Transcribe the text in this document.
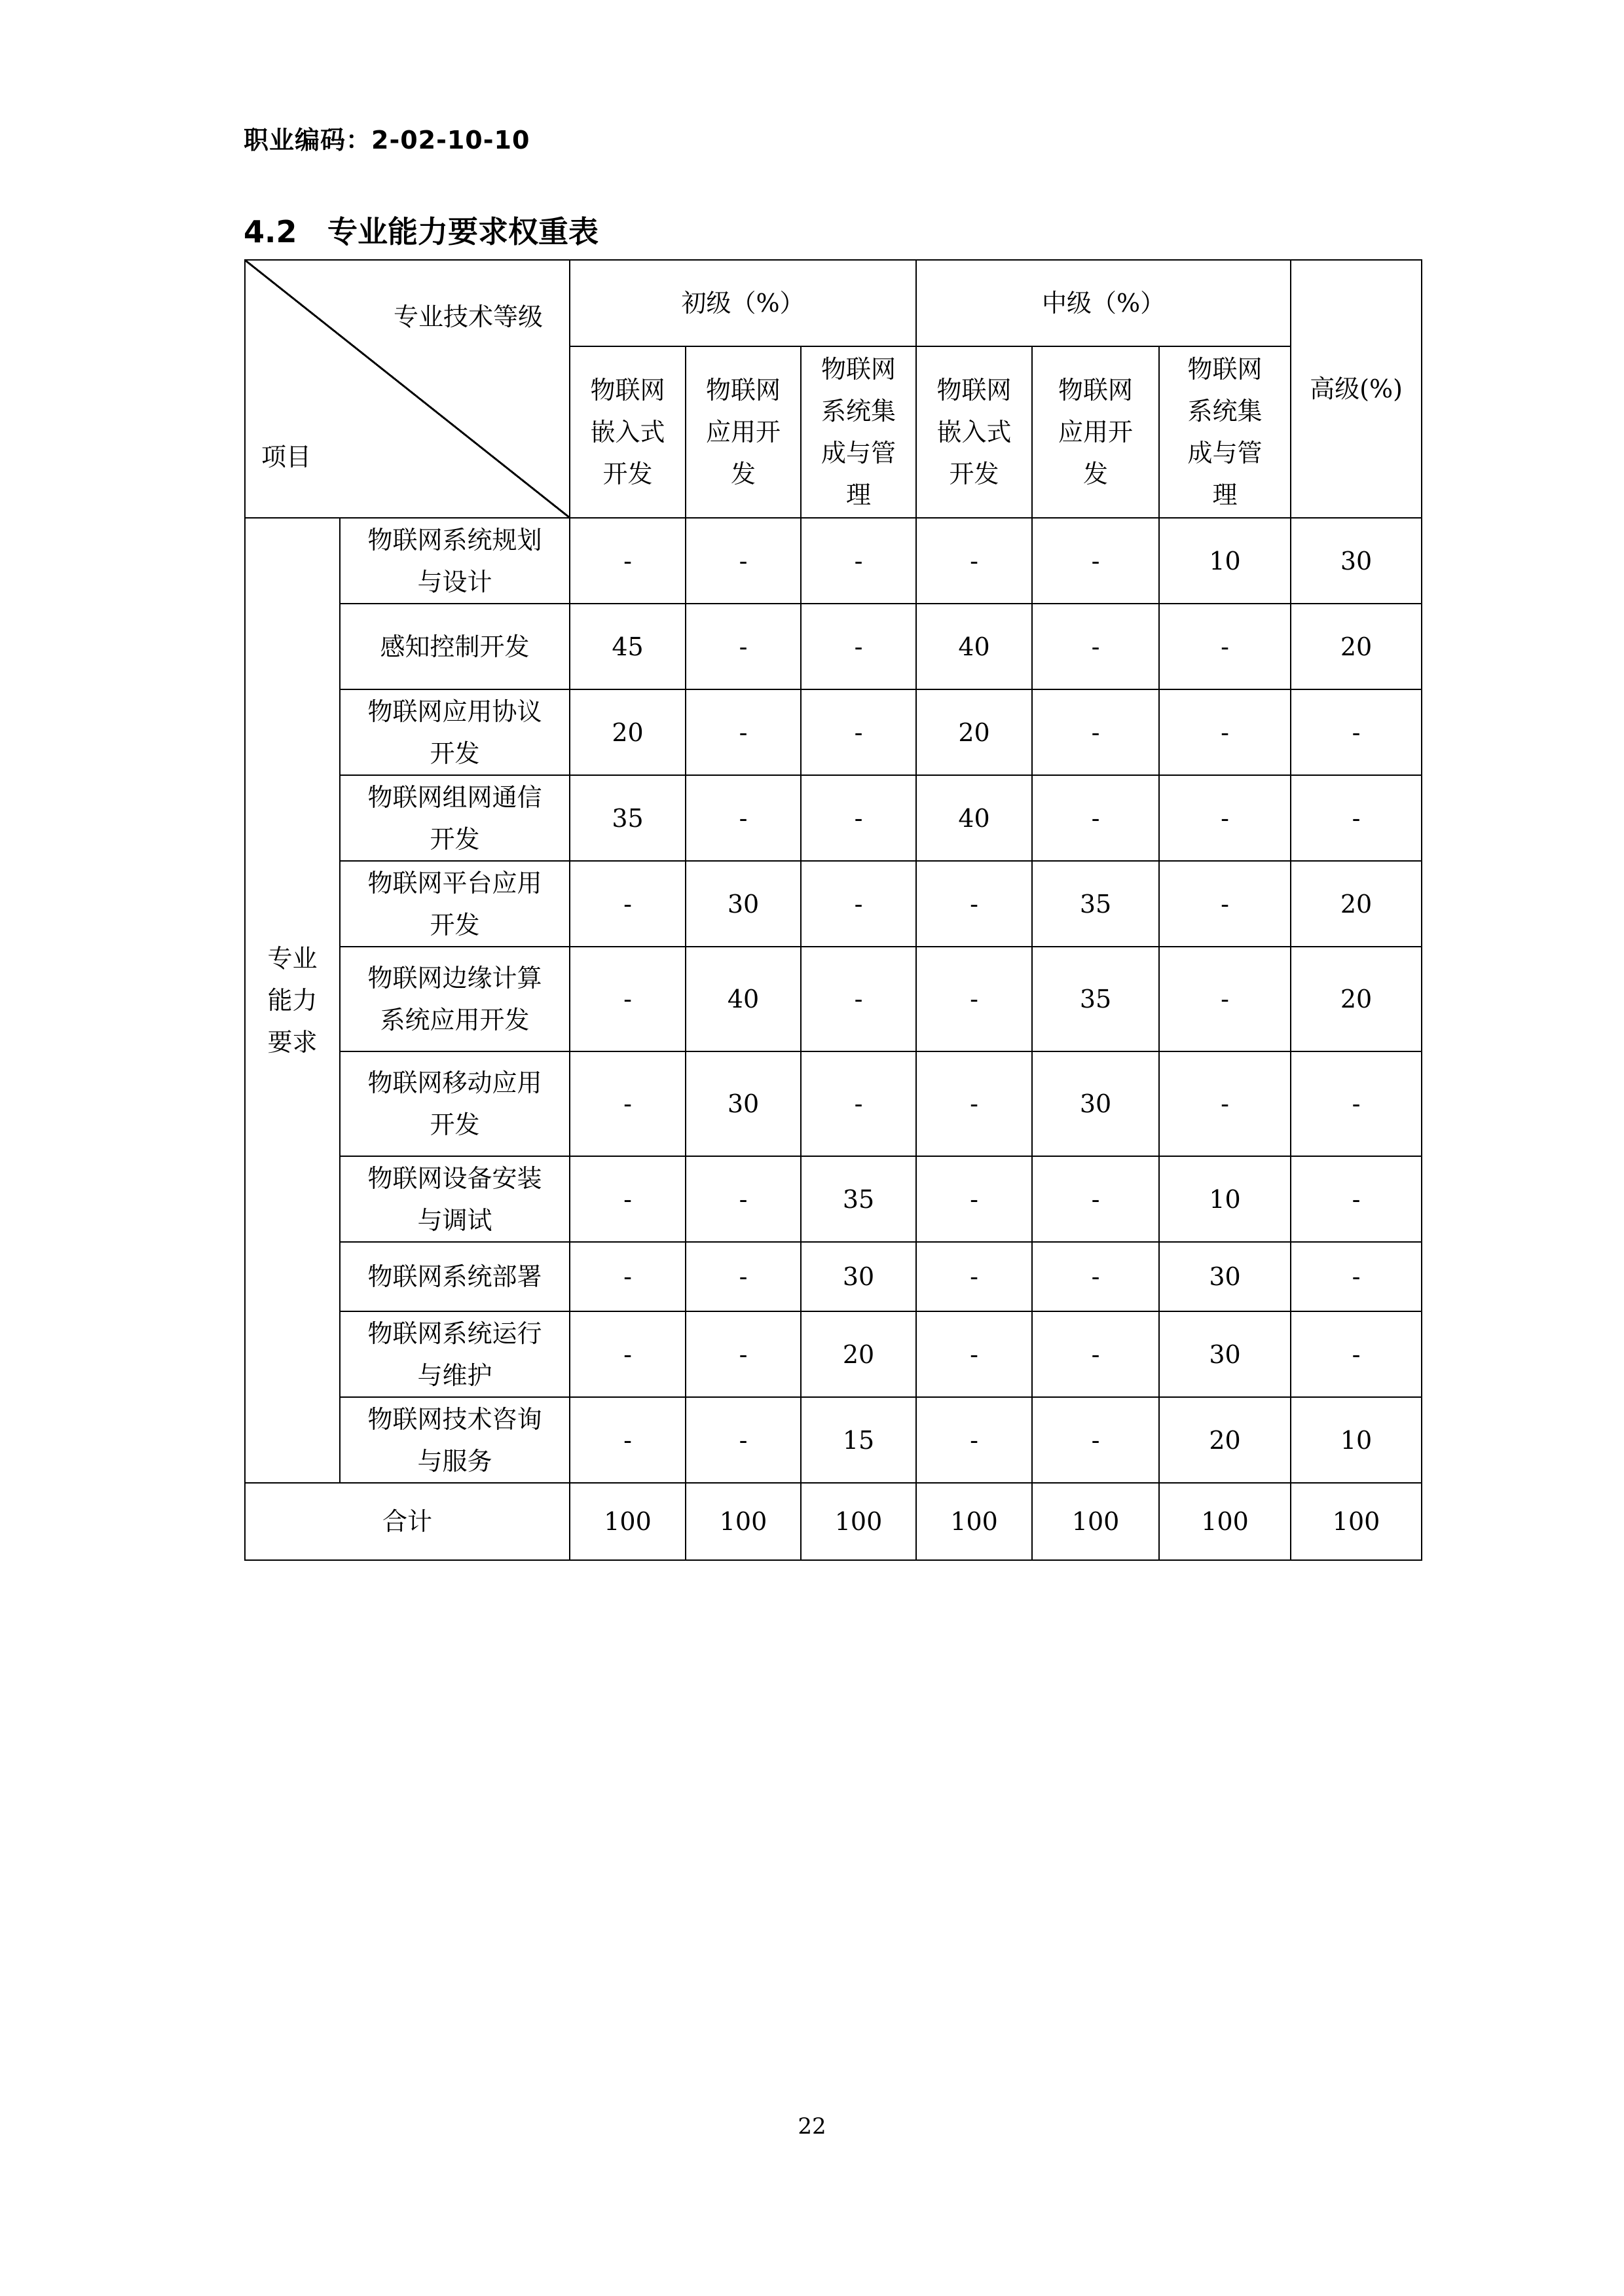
职业编码：2-02-10-10
4.2 专业能力要求权重表
专业技术等级
项目		初级（%）			中级（%）			高级(%)
		物联网嵌入式开发	物联网应用开发	物联网系统集成与管理	物联网嵌入式开发	物联网应用开发	物联网系统集成与管理	
专业能力要求	物联网系统规划与设计	-	-	-	-	-	10	30
	感知控制开发	45	-	-	40	-	-	20
	物联网应用协议开发	20	-	-	20	-	-	-
	物联网组网通信开发	35	-	-	40	-	-	-
	物联网平台应用开发	-	30	-	-	35	-	20
	物联网边缘计算系统应用开发	-	40	-	-	35	-	20
	物联网移动应用开发	-	30	-	-	30	-	-
	物联网设备安装与调试	-	-	35	-	-	10	-
	物联网系统部署	-	-	30	-	-	30	-
	物联网系统运行与维护	-	-	20	-	-	30	-
	物联网技术咨询与服务	-	-	15	-	-	20	10
合计		100	100	100	100	100	100	100
22
